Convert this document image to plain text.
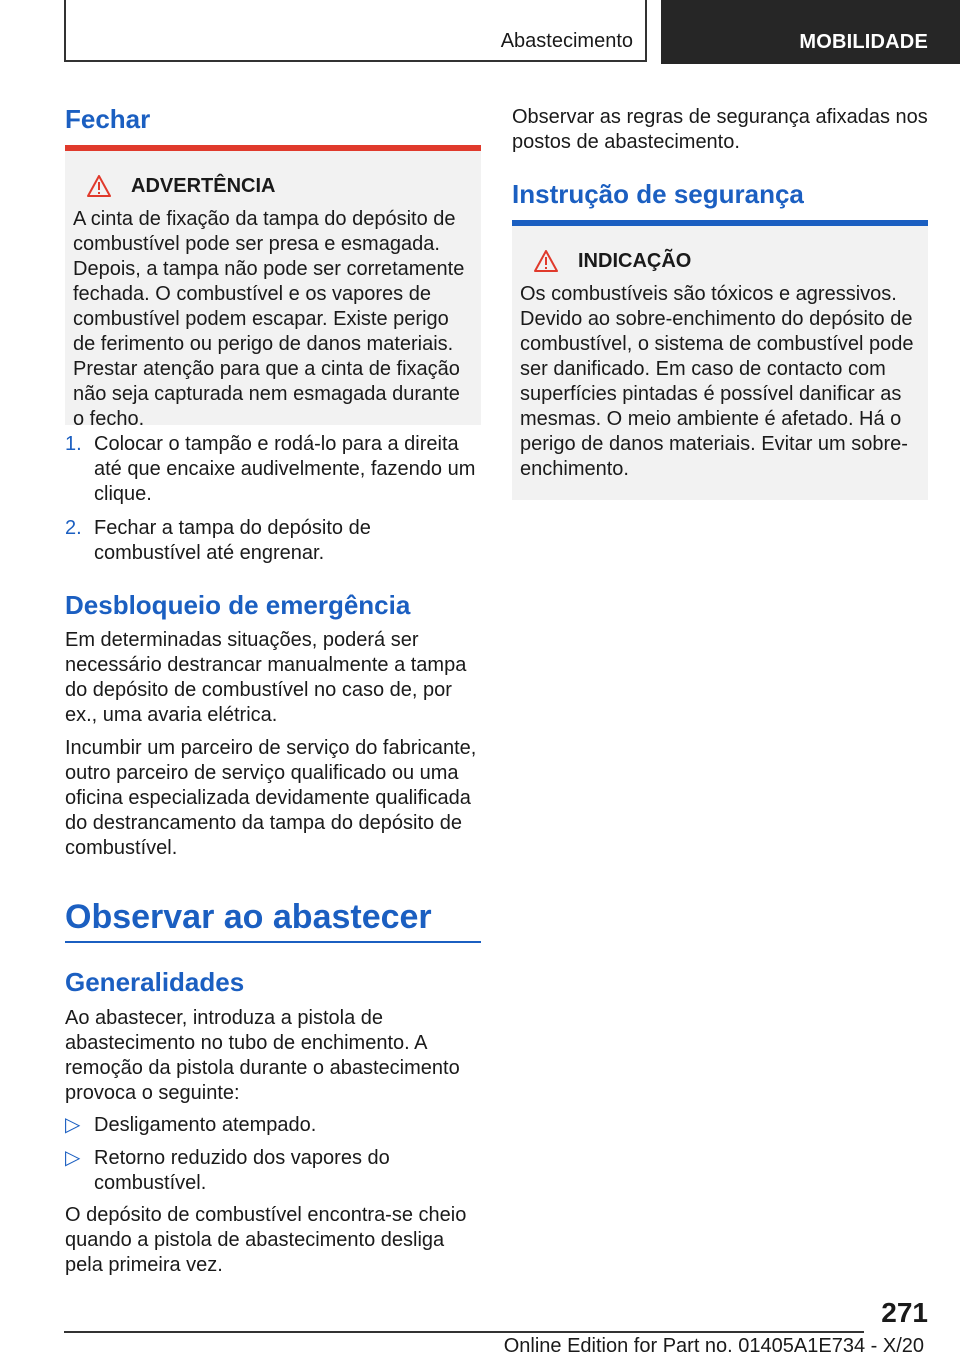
Abastecimento	MOBILIDADE
Fechar
ADVERTÊNCIA

A cinta de fixação da tampa do depósito de combustível pode ser presa e esmagada. Depois, a tampa não pode ser corretamente fechada. O combustível e os vapores de combustível podem escapar. Existe perigo de ferimento ou perigo de danos materiais. Prestar atenção para que a cinta de fixação não seja capturada nem esmagada durante o fecho.

1. Colocar o tampão e rodá-lo para a direita até que encaixe audivelmente, fazendo um clique.
2. Fechar a tampa do depósito de combustível até engrenar.
Desbloqueio de emergência

Em determinadas situações, poderá ser necessário destrancar manualmente a tampa do depósito de combustível no caso de, por ex., uma avaria elétrica.

Incumbir um parceiro de serviço do fabricante, outro parceiro de serviço qualificado ou uma oficina especializada devidamente qualificada do destrancamento da tampa do depósito de combustível.

Observar ao abastecer
Generalidades

Ao abastecer, introduza a pistola de abastecimento no tubo de enchimento. A remoção da pistola durante o abastecimento provoca o seguinte:

▷ Desligamento atempado.
▷ Retorno reduzido dos vapores do combustível.

O depósito de combustível encontra-se cheio quando a pistola de abastecimento desliga pela primeira vez.

Observar as regras de segurança afixadas nos postos de abastecimento.

Instrução de segurança
INDICAÇÃO

Os combustíveis são tóxicos e agressivos. Devido ao sobre-enchimento do depósito de combustível, o sistema de combustível pode ser danificado. Em caso de contacto com superfícies pintadas é possível danificar as mesmas. O meio ambiente é afetado. Há o perigo de danos materiais. Evitar um sobre-enchimento.

271
Online Edition for Part no. 01405A1E734 - X/20
